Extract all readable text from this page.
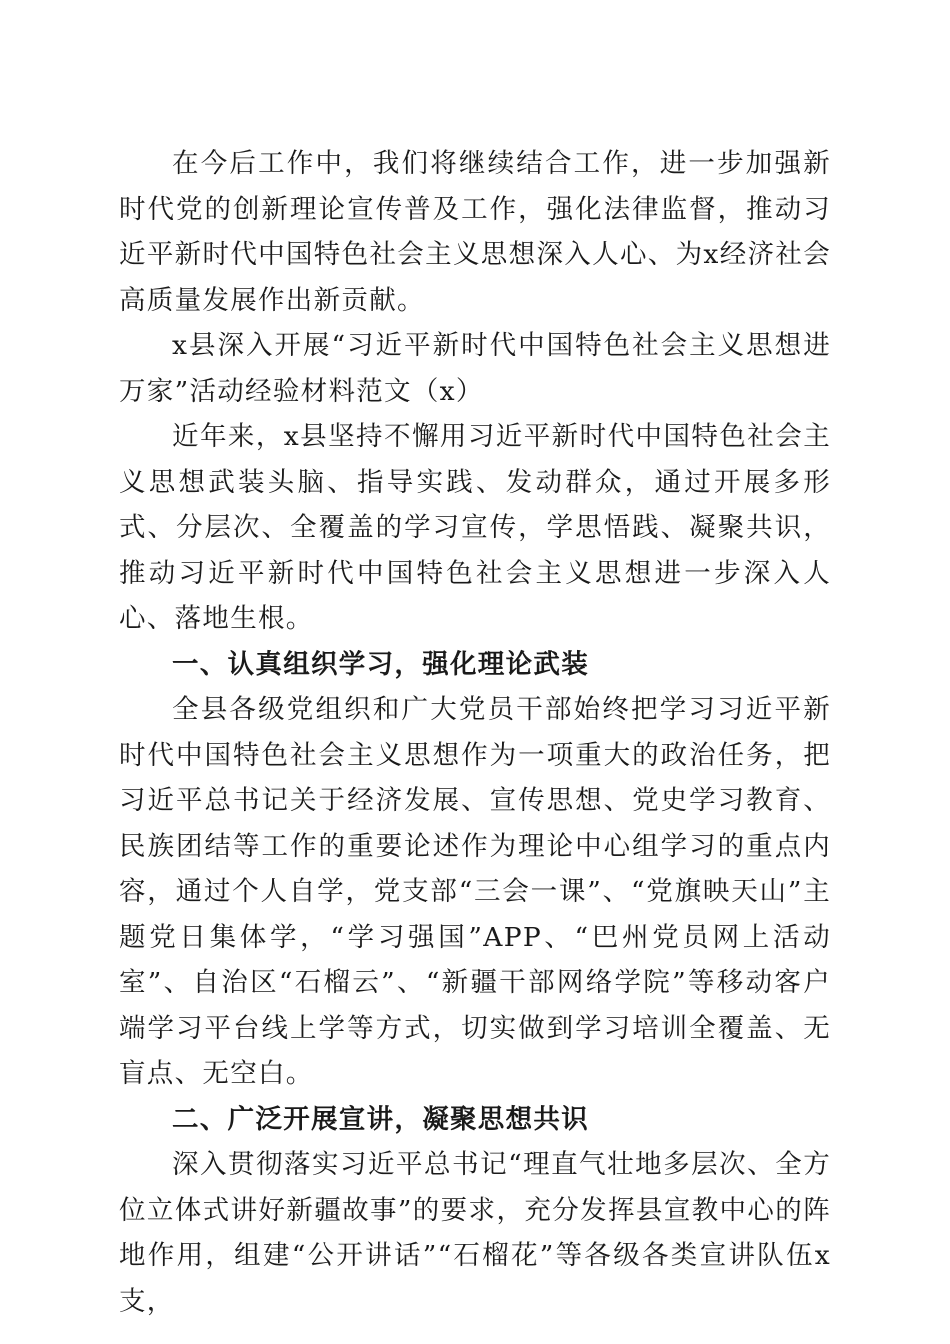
在今后工作中，我们将继续结合工作，进一步加强新时代党的创新理论宣传普及工作，强化法律监督，推动习近平新时代中国特色社会主义思想深入人心、为x经济社会高质量发展作出新贡献。

x县深入开展“习近平新时代中国特色社会主义思想进万家”活动经验材料范文（x）

近年来，x县坚持不懈用习近平新时代中国特色社会主义思想武装头脑、指导实践、发动群众，通过开展多形式、分层次、全覆盖的学习宣传，学思悟践、凝聚共识，推动习近平新时代中国特色社会主义思想进一步深入人心、落地生根。

一、认真组织学习，强化理论武装

全县各级党组织和广大党员干部始终把学习习近平新时代中国特色社会主义思想作为一项重大的政治任务，把习近平总书记关于经济发展、宣传思想、党史学习教育、民族团结等工作的重要论述作为理论中心组学习的重点内容，通过个人自学，党支部“三会一课”、“党旗映天山”主题党日集体学，“学习强国”APP、“巴州党员网上活动室”、自治区“石榴云”、“新疆干部网络学院”等移动客户端学习平台线上学等方式，切实做到学习培训全覆盖、无盲点、无空白。

二、广泛开展宣讲，凝聚思想共识

深入贯彻落实习近平总书记“理直气壮地多层次、全方位立体式讲好新疆故事”的要求，充分发挥县宣教中心的阵地作用，组建“公开讲话”“石榴花”等各级各类宣讲队伍x支，
